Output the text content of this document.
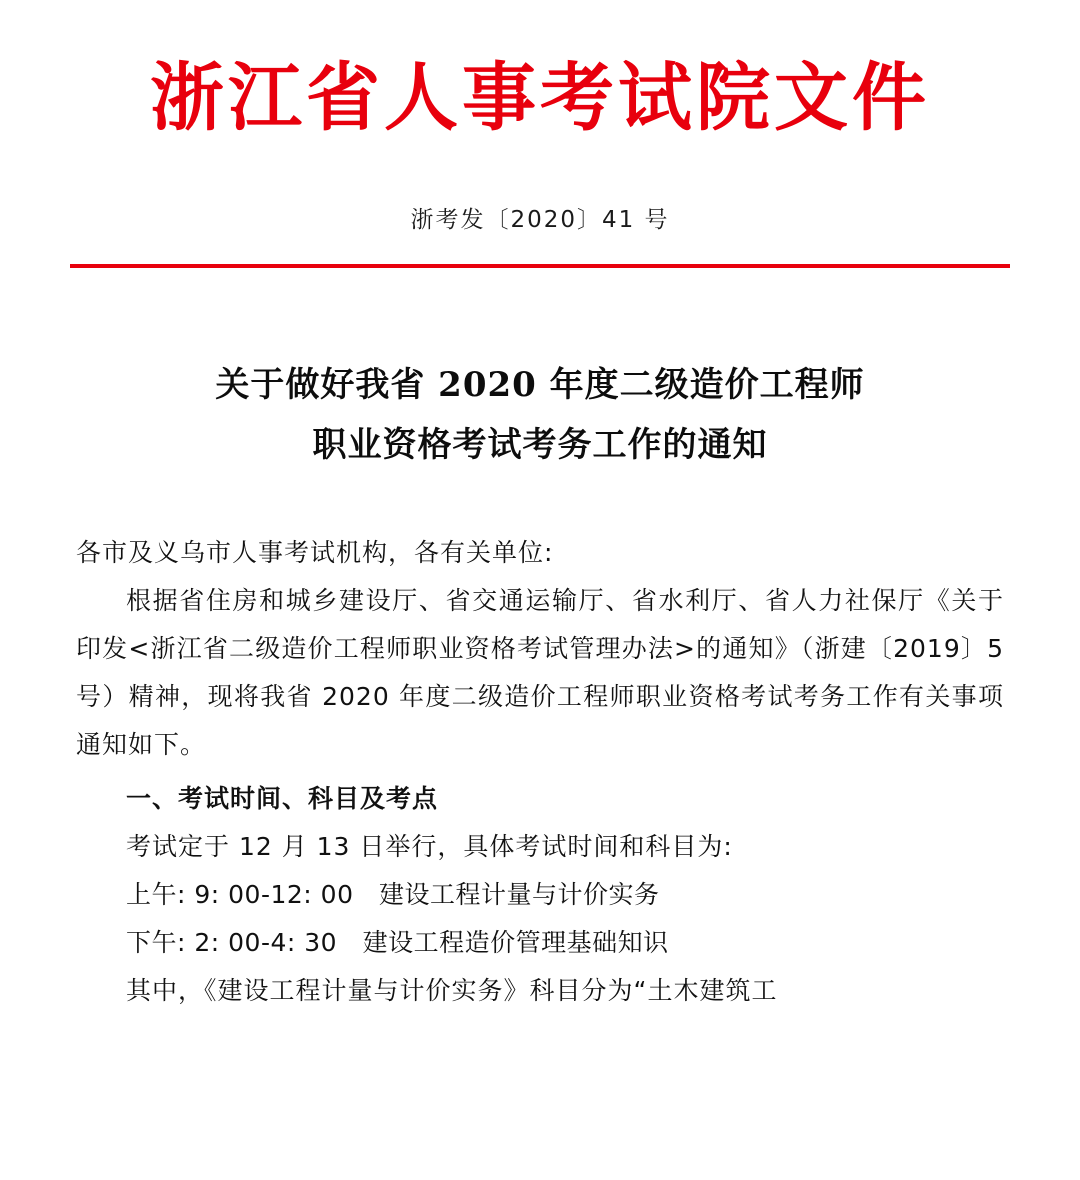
浙江省人事考试院文件
浙考发〔2020〕41 号
关于做好我省 2020 年度二级造价工程师
职业资格考试考务工作的通知

各市及义乌市人事考试机构，各有关单位:

根据省住房和城乡建设厅、省交通运输厅、省水利厅、省人力社保厅《关于印发<浙江省二级造价工程师职业资格考试管理办法>的通知》（浙建〔2019〕5 号）精神，现将我省 2020 年度二级造价工程师职业资格考试考务工作有关事项通知如下。

一、考试时间、科目及考点

考试定于 12 月 13 日举行，具体考试时间和科目为:

上午: 9: 00-12: 00　建设工程计量与计价实务

下午: 2: 00-4: 30　建设工程造价管理基础知识

其中，《建设工程计量与计价实务》科目分为“土木建筑工
